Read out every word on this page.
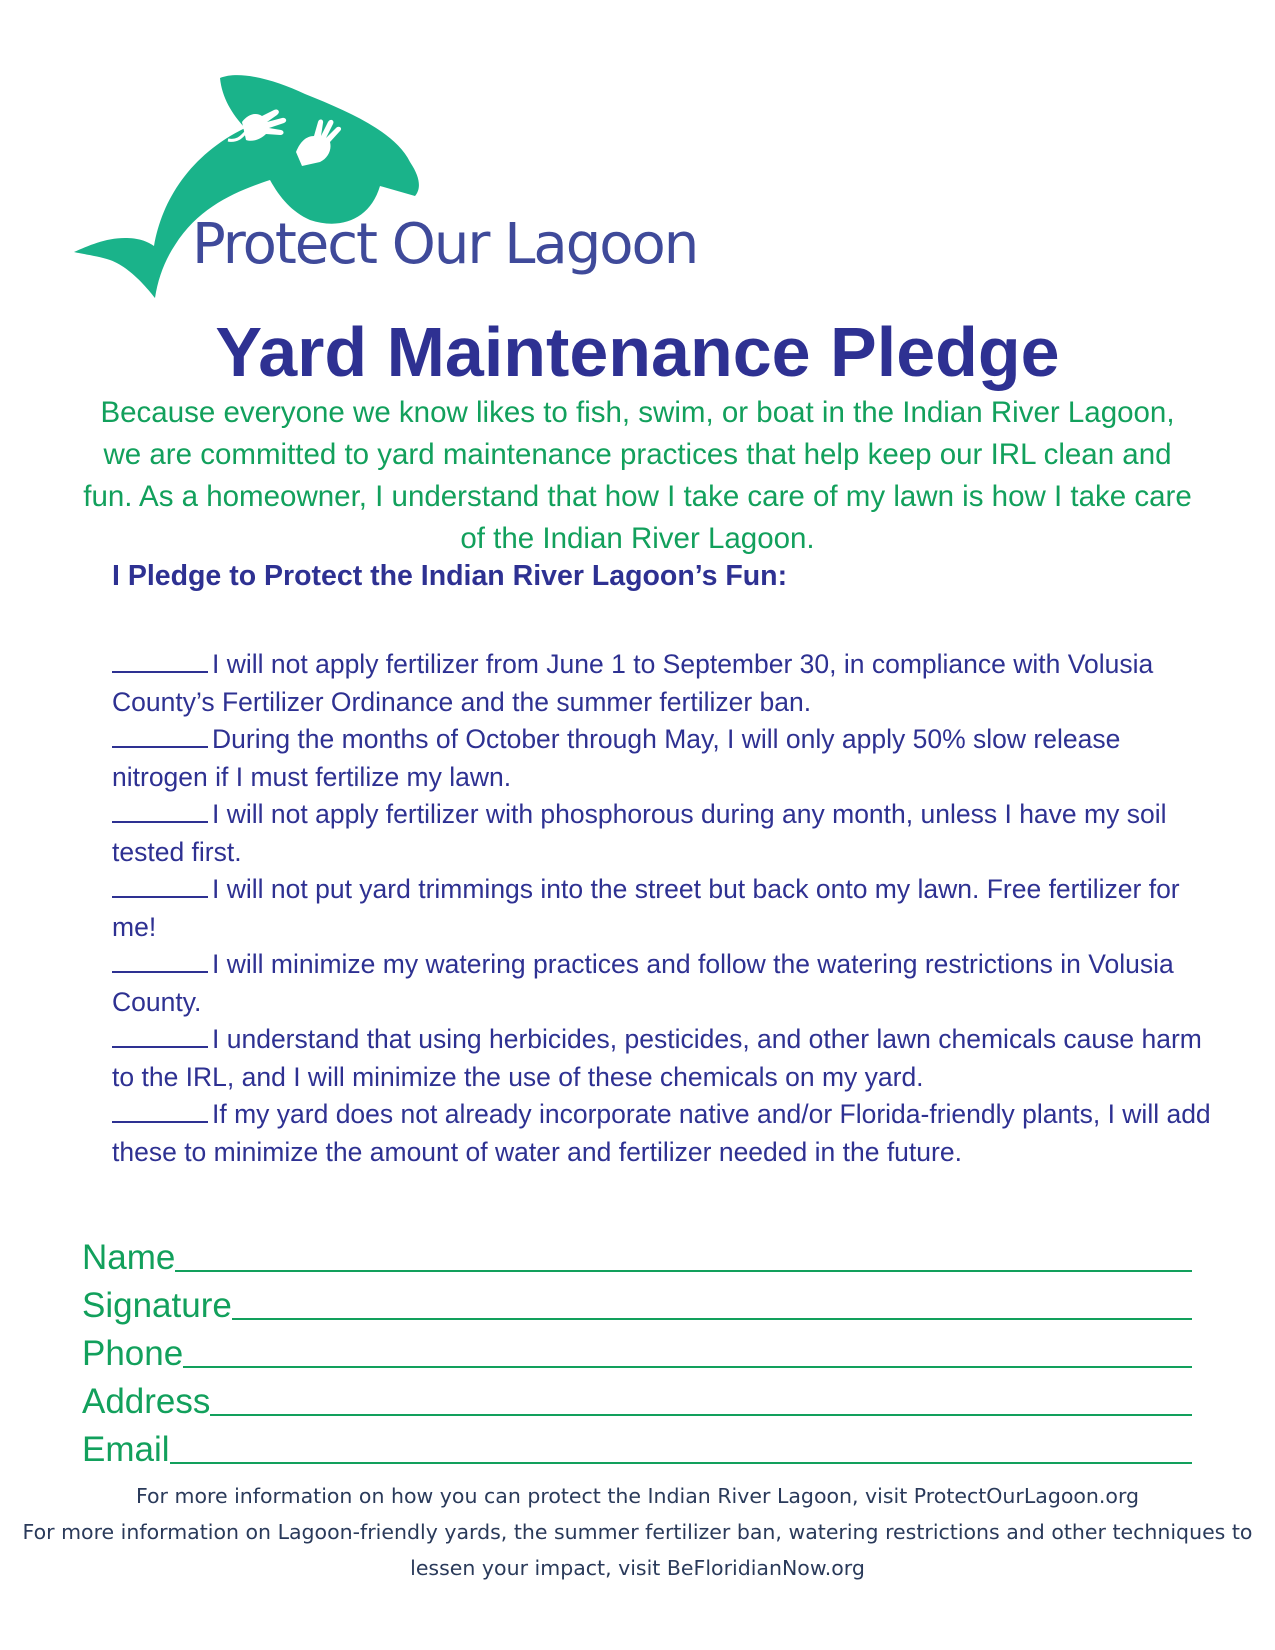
Protect Our Lagoon
Yard Maintenance Pledge
Because everyone we know likes to fish, swim, or boat in the Indian River Lagoon, we are committed to yard maintenance practices that help keep our IRL clean and fun. As a homeowner, I understand that how I take care of my lawn is how I take care of the Indian River Lagoon.
I Pledge to Protect the Indian River Lagoon’s Fun:
I will not apply fertilizer from June 1 to September 30, in compliance with Volusia County’s Fertilizer Ordinance and the summer fertilizer ban.
During the months of October through May, I will only apply 50% slow release nitrogen if I must fertilize my lawn.
I will not apply fertilizer with phosphorous during any month, unless I have my soil tested first.
I will not put yard trimmings into the street but back onto my lawn. Free fertilizer for me!
I will minimize my watering practices and follow the watering restrictions in Volusia County.
I understand that using herbicides, pesticides, and other lawn chemicals cause harm to the IRL, and I will minimize the use of these chemicals on my yard.
If my yard does not already incorporate native and/or Florida-friendly plants, I will add these to minimize the amount of water and fertilizer needed in the future.
Name
Signature
Phone
Address
Email

For more information on how you can protect the Indian River Lagoon, visit ProtectOurLagoon.org

For more information on Lagoon-friendly yards, the summer fertilizer ban, watering restrictions and other techniques to lessen your impact, visit BeFloridianNow.org
